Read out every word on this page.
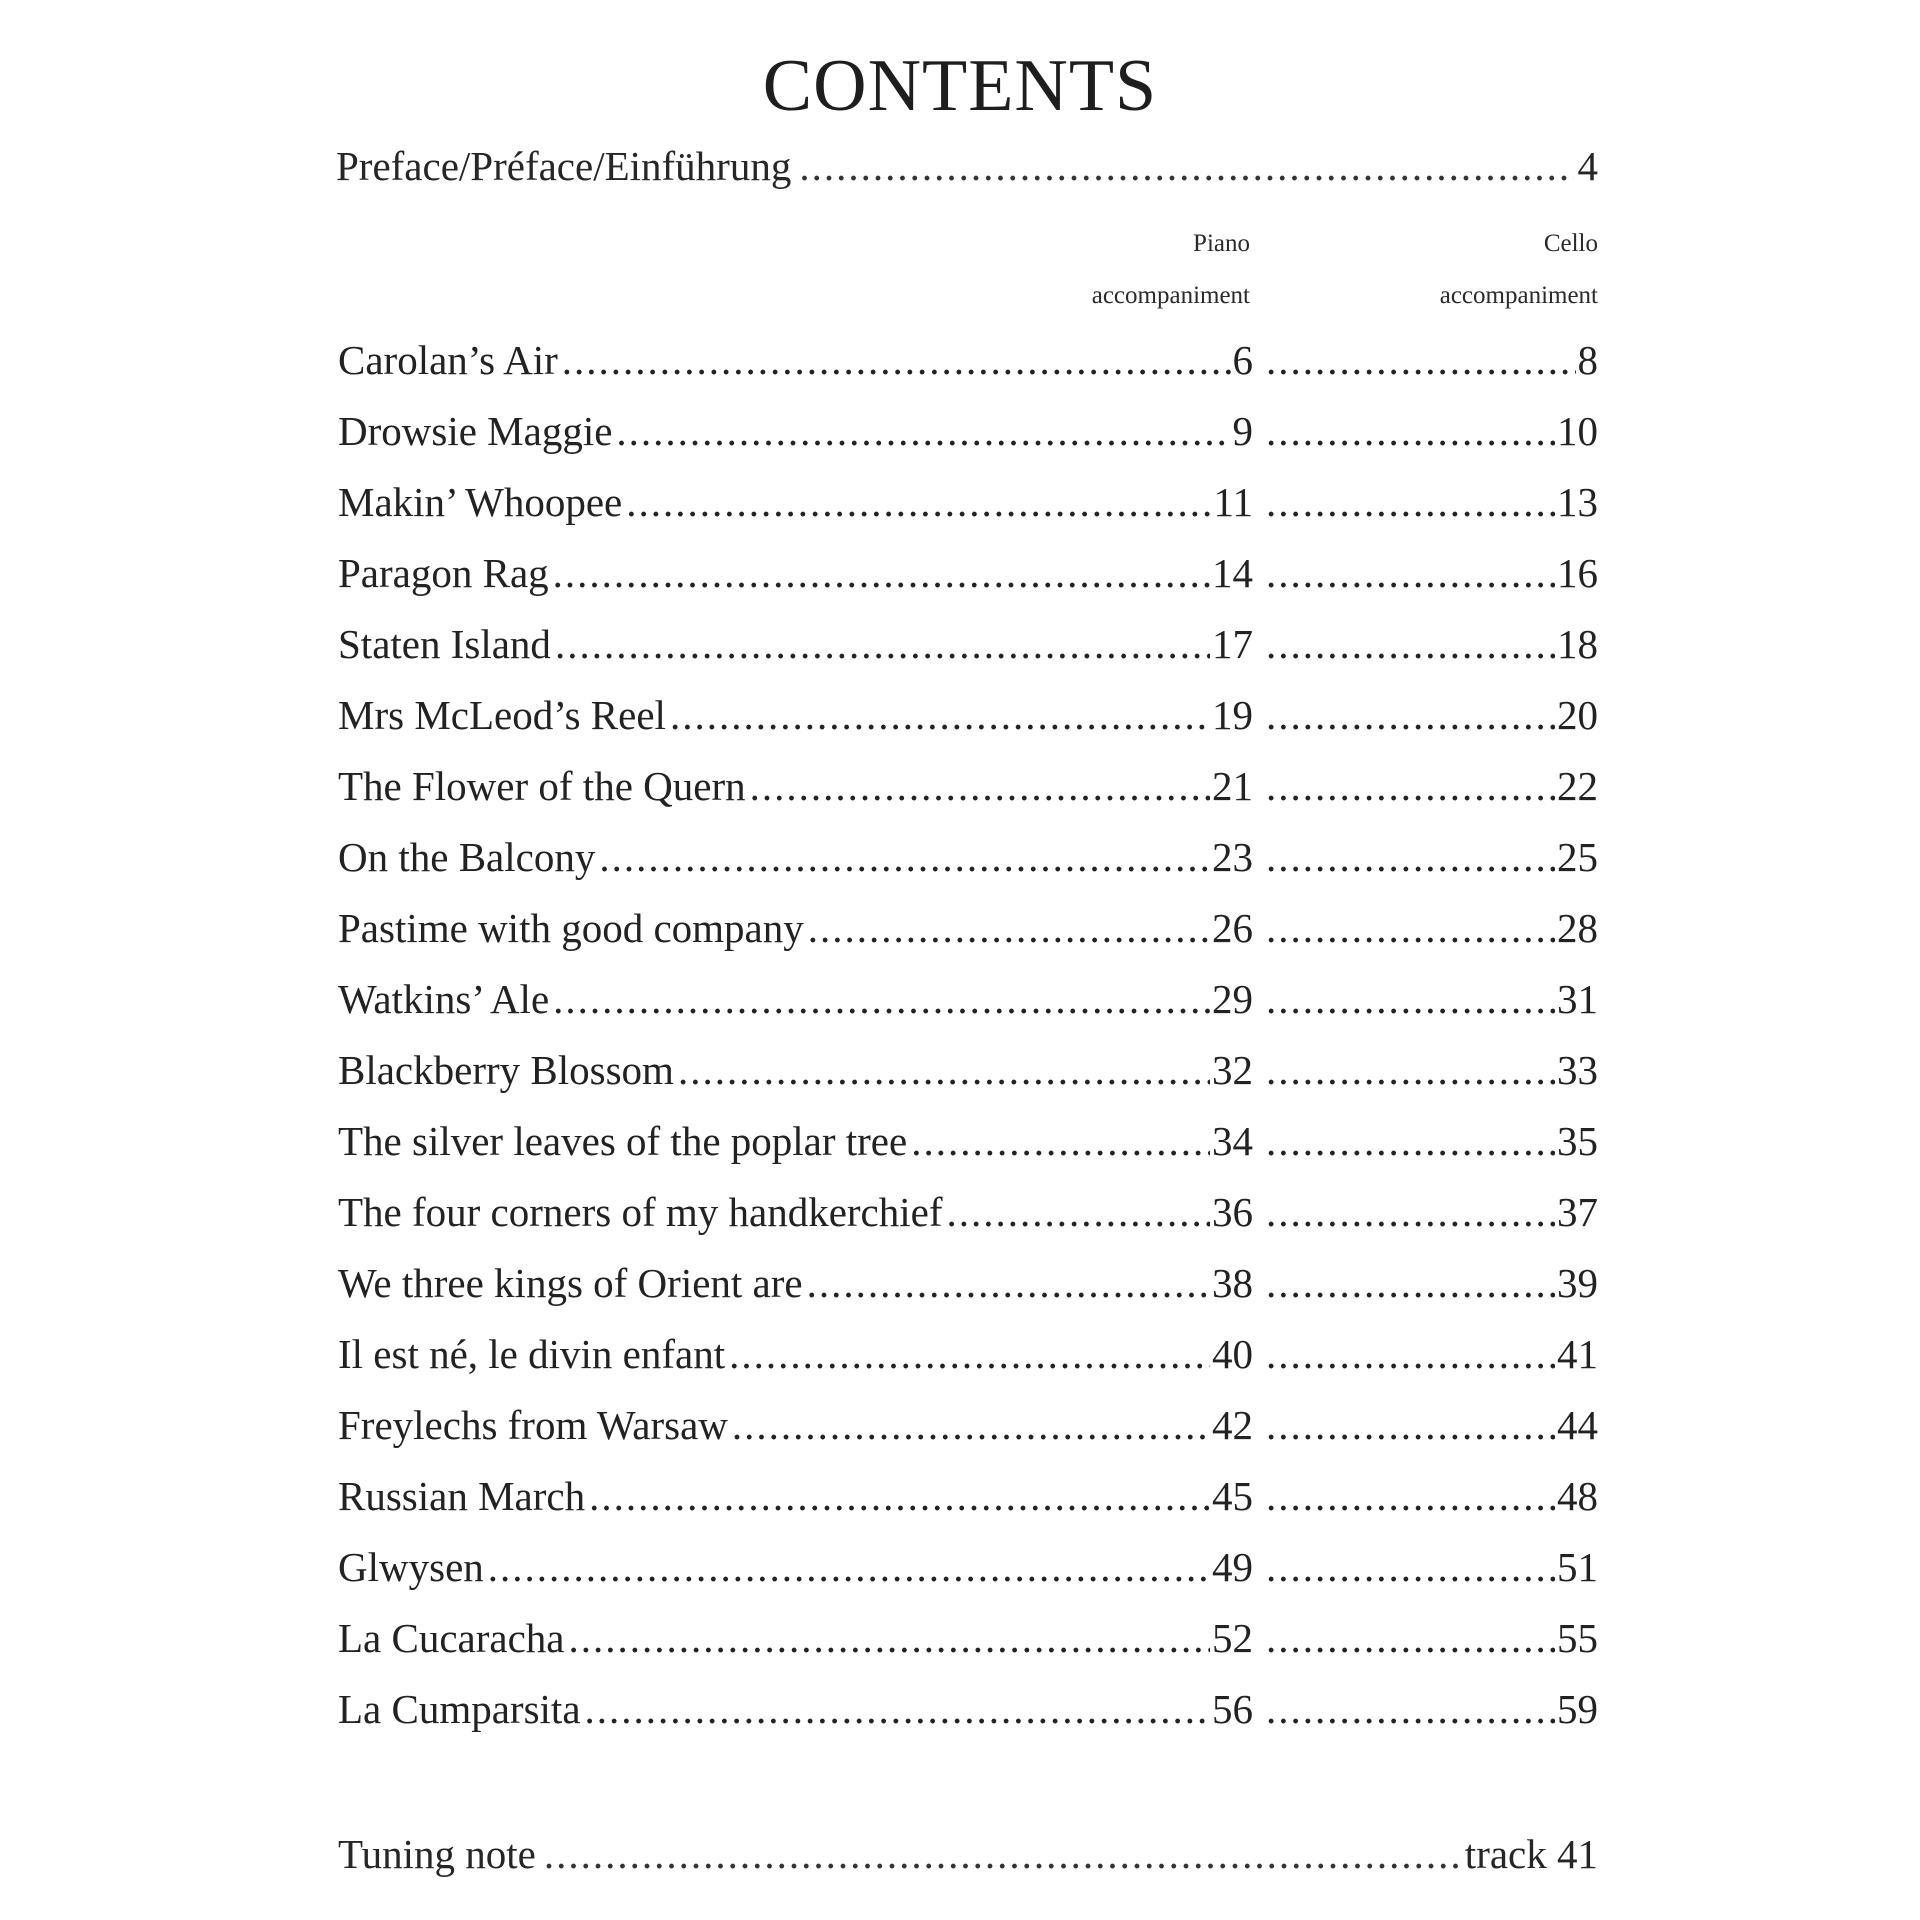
CONTENTS
Preface/Préface/Einführung .....	4
Piano
accompaniment
Cello
accompaniment
Carolan’s Air .....	6 .....	8
Drowsie Maggie .....	9 .....	10
Makin’ Whoopee .....	11 .....	13
Paragon Rag .....	14 .....	16
Staten Island .....	17 .....	18
Mrs McLeod’s Reel .....	19 .....	20
The Flower of the Quern .....	21 .....	22
On the Balcony .....	23 .....	25
Pastime with good company .....	26 .....	28
Watkins’ Ale .....	29 .....	31
Blackberry Blossom .....	32 .....	33
The silver leaves of the poplar tree .....	34 .....	35
The four corners of my handkerchief .....	36 .....	37
We three kings of Orient are .....	38 .....	39
Il est né, le divin enfant .....	40 .....	41
Freylechs from Warsaw .....	42 .....	44
Russian March .....	45 .....	48
Glwysen .....	49 .....	51
La Cucaracha .....	52 .....	55
La Cumparsita .....	56 .....	59
Tuning note .....	track 41
